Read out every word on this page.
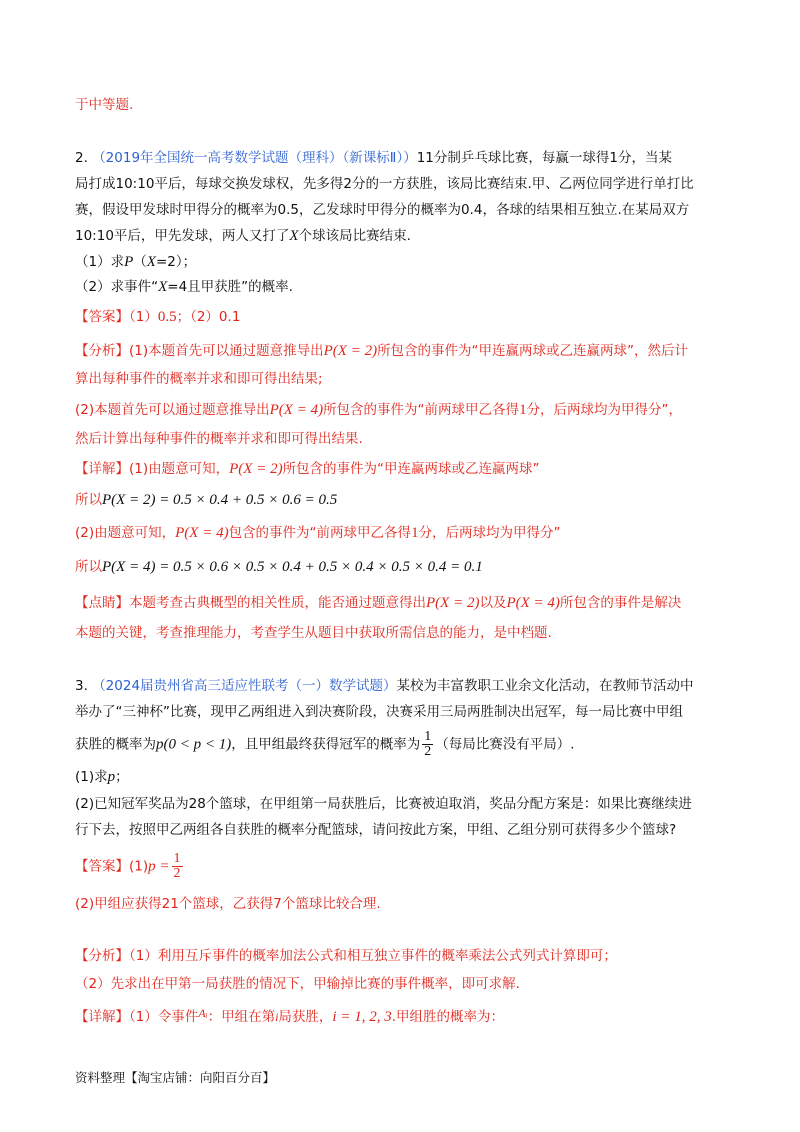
于中等题.
2. （2019年全国统一高考数学试题（理科）（新课标Ⅱ））11分制乒乓球比赛，每赢一球得1分，当某
局打成10:10平后，每球交换发球权，先多得2分的一方获胜，该局比赛结束.甲、乙两位同学进行单打比
赛，假设甲发球时甲得分的概率为0.5，乙发球时甲得分的概率为0.4，各球的结果相互独立.在某局双方
10:10平后，甲先发球，两人又打了X个球该局比赛结束.
（1）求P（X=2）；
（2）求事件“X=4且甲获胜”的概率.
【答案】（1）0.5；（2）0.1
【分析】(1)本题首先可以通过题意推导出P(X = 2)所包含的事件为“甲连赢两球或乙连赢两球”，然后计
算出每种事件的概率并求和即可得出结果;
(2)本题首先可以通过题意推导出P(X = 4)所包含的事件为“前两球甲乙各得1分，后两球均为甲得分”，
然后计算出每种事件的概率并求和即可得出结果.
【详解】(1)由题意可知，P(X = 2)所包含的事件为“甲连赢两球或乙连赢两球”
所以P(X = 2) = 0.5 × 0.4 + 0.5 × 0.6 = 0.5
(2)由题意可知，P(X = 4)包含的事件为“前两球甲乙各得1分，后两球均为甲得分”
所以P(X = 4) = 0.5 × 0.6 × 0.5 × 0.4 + 0.5 × 0.4 × 0.5 × 0.4 = 0.1
【点睛】本题考查古典概型的相关性质，能否通过题意得出P(X = 2)以及P(X = 4)所包含的事件是解决
本题的关键，考查推理能力，考查学生从题目中获取所需信息的能力，是中档题.
3. （2024届贵州省高三适应性联考（一）数学试题）某校为丰富教职工业余文化活动，在教师节活动中
举办了“三神杯”比赛，现甲乙两组进入到决赛阶段，决赛采用三局两胜制决出冠军，每一局比赛中甲组
获胜的概率为p(0 < p < 1)，且甲组最终获得冠军的概率为 $\frac{1}{2}$ （每局比赛没有平局）.
(1)求p；
(2)已知冠军奖品为28个篮球，在甲组第一局获胜后，比赛被迫取消，奖品分配方案是：如果比赛继续进
行下去，按照甲乙两组各自获胜的概率分配篮球，请问按此方案，甲组、乙组分别可获得多少个篮球?
【答案】$(1)p = \frac{1}{2}$
(2)甲组应获得21个篮球，乙获得7个篮球比较合理.
【分析】（1）利用互斥事件的概率加法公式和相互独立事件的概率乘法公式列式计算即可；
（2）先求出在甲第一局获胜的情况下，甲输掉比赛的事件概率，即可求解.
【详解】（1）令事件Aᵢ：甲组在第i局获胜，i = 1, 2, 3.甲组胜的概率为：
资料整理【淘宝店铺：向阳百分百】
